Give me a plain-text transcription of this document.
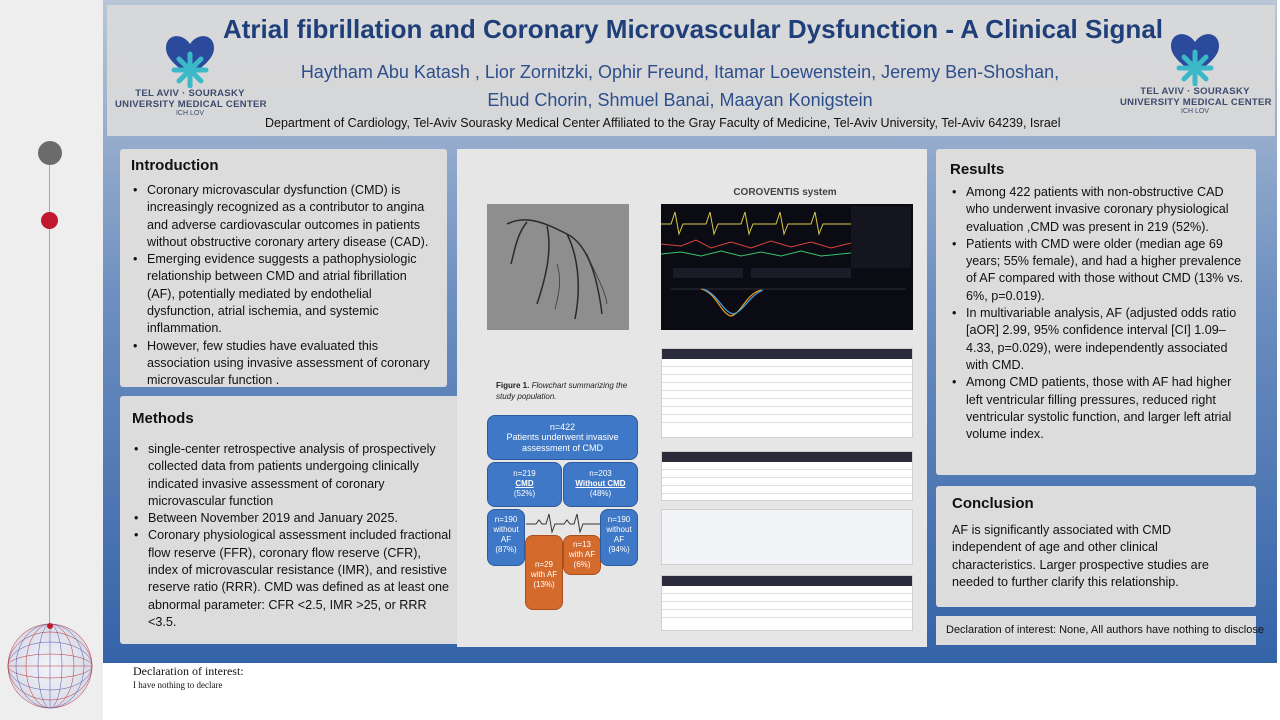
Atrial fibrillation and Coronary Microvascular Dysfunction - A Clinical Signal
Haytham Abu Katash , Lior Zornitzki, Ophir Freund, Itamar Loewenstein, Jeremy Ben-Shoshan,
Ehud Chorin, Shmuel Banai, Maayan Konigstein
Department of Cardiology, Tel-Aviv Sourasky Medical Center Affiliated to the Gray Faculty of Medicine, Tel-Aviv University, Tel-Aviv 64239, Israel
TEL AVIV · SOURASKY
UNIVERSITY MEDICAL CENTER
ICH LOV
TEL AVIV · SOURASKY
UNIVERSITY MEDICAL CENTER
ICH LOV
Introduction
• Coronary microvascular dysfunction (CMD) is increasingly recognized as a contributor to angina and adverse cardiovascular outcomes in patients without obstructive coronary artery disease (CAD).
• Emerging evidence suggests a pathophysiologic relationship between CMD and atrial fibrillation (AF), potentially mediated by endothelial dysfunction, atrial ischemia, and systemic inflammation.
• However, few studies have evaluated this association using invasive assessment of coronary microvascular function .
Methods
• single-center retrospective analysis of prospectively collected data from patients undergoing clinically indicated invasive assessment of coronary microvascular function
• Between November 2019 and January 2025.
• Coronary physiological assessment included fractional flow reserve (FFR), coronary flow reserve (CFR), index of microvascular resistance (IMR), and resistive reserve ratio (RRR). CMD was defined as at least one abnormal parameter: CFR <2.5, IMR >25, or RRR <3.5.
COROVENTIS system
Figure 1. Flowchart summarizing the study population.
n=422
Patients underwent invasive assessment of CMD
n=219
CMD
(52%)
n=203
Without CMD
(48%)
n=190
without AF
(87%)
n=29
with AF
(13%)
n=13
with AF
(6%)
n=190
without AF
(94%)
Results
• Among 422 patients with non-obstructive CAD who underwent invasive coronary physiological evaluation ,CMD was present in 219 (52%).
• Patients with CMD were older (median age 69 years; 55% female), and had a higher prevalence of AF compared with those without CMD (13% vs. 6%, p=0.019).
• In multivariable analysis, AF (adjusted odds ratio [aOR] 2.99, 95% confidence interval [CI] 1.09–4.33, p=0.029), were independently associated with CMD.
• Among CMD patients, those with AF had higher left ventricular filling pressures, reduced right ventricular systolic function, and larger left atrial volume index.
Conclusion

AF is significantly associated with CMD independent of age and other clinical characteristics. Larger prospective studies are needed to further clarify this relationship.

Declaration of interest: None, All authors have nothing to disclose
Declaration of interest:
I have nothing to declare
